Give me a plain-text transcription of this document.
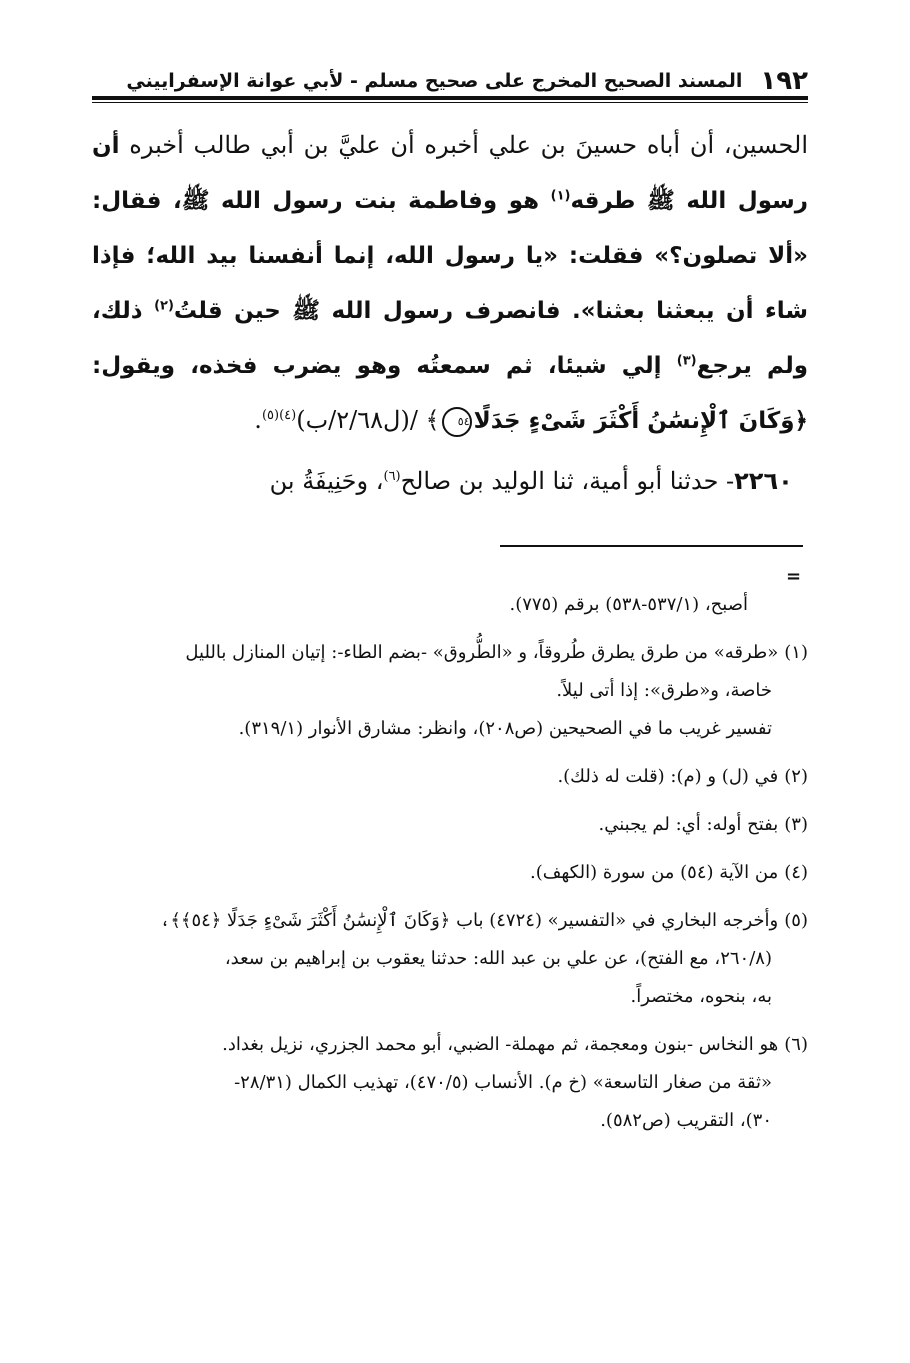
١٩٢
المسند الصحيح المخرج على صحيح مسلم - لأبي عوانة الإسفراييني

الحسين، أن أباه حسينَ بن علي أخبره أن عليَّ بن أبي طالب أخبره أن رسول الله ﷺ طرقه$^{(١)}$ هو وفاطمة بنت رسول الله ﷺ، فقال: «ألا تصلون؟» فقلت: «يا رسول الله، إنما أنفسنا بيد الله؛ فإذا شاء أن يبعثنا بعثنا». فانصرف رسول الله ﷺ حين قلتُ$^{(٢)}$ ذلك، ولم يرجع$^{(٣)}$ إلي شيئا، ثم سمعتُه وهو يضرب فخذه، ويقول: ﴿وَكَانَ ٱلْإِنسَٰنُ أَكْثَرَ شَىْءٍ جَدَلًا٥٤﴾ /(ل٢/٦٨/ب)$^{(٤)(٥)}$.

٢٢٦٠- حدثنا أبو أمية، ثنا الوليد بن صالح$^{(٦)}$، وحَنِيفَةُ بن

=

أصبح، (٥٣٧/١-٥٣٨) برقم (٧٧٥).

(١)«طرقه» من طرق يطرق طُروقاً، و «الطُّروق» -بضم الطاء-: إتيان المنازل بالليل
خاصة، و«طرق»: إذا أتى ليلاً.
تفسير غريب ما في الصحيحين (ص٢٠٨)، وانظر: مشارق الأنوار (٣١٩/١).

(٢)في (ل) و (م): (قلت له ذلك).

(٣)بفتح أوله: أي: لم يجبني.

(٤)من الآية (٥٤) من سورة (الكهف).

(٥)وأخرجه البخاري في «التفسير» (٤٧٢٤) باب ﴿وَكَانَ ٱلْإِنسَٰنُ أَكْثَرَ شَىْءٍ جَدَلًا ﴿٥٤﴾﴾،
(٢٦٠/٨، مع الفتح)، عن علي بن عبد الله: حدثنا يعقوب بن إبراهيم بن سعد،
به، بنحوه، مختصراً.

(٦)هو النخاس -بنون ومعجمة، ثم مهملة- الضبي، أبو محمد الجزري، نزيل بغداد.
«ثقة من صغار التاسعة» (خ م). الأنساب (٤٧٠/٥)، تهذيب الكمال (٢٨/٣١-
٣٠)، التقريب (ص٥٨٢).
